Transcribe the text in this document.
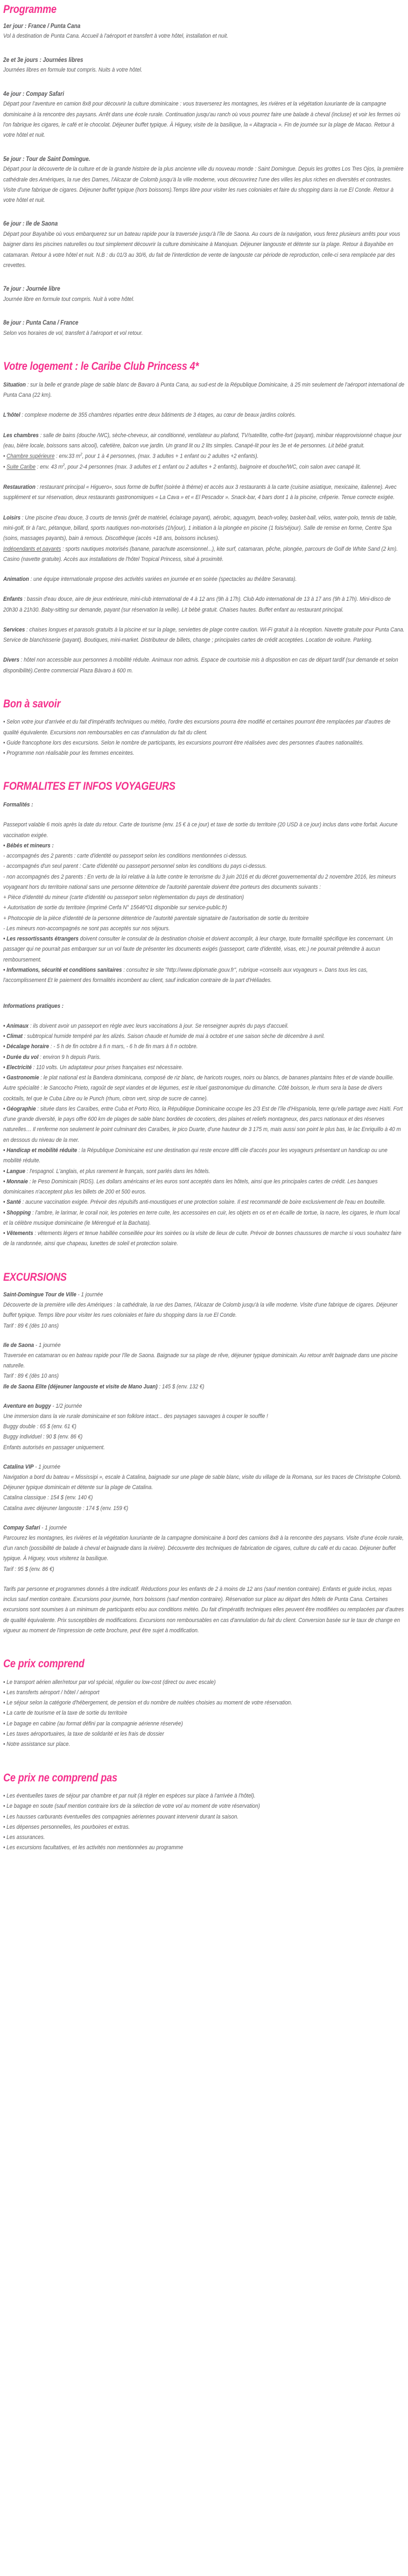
Programme
1er jour : France / Punta Cana

Vol à destination de Punta Cana. Accueil à l'aéroport et transfert à votre hôtel, installation et nuit.

2e et 3e jours : Journées libres

Journées libres en formule tout compris. Nuits à votre hôtel.

4e jour : Compay Safari

Départ pour l'aventure en camion 8x8 pour découvrir la culture dominicaine : vous traverserez les montagnes, les rivières et la végétation luxuriante de la campagne dominicaine à la rencontre des paysans. Arrêt dans une école rurale. Continuation jusqu'au ranch où vous pourrez faire une balade à cheval (incluse) et voir les fermes où l'on fabrique les cigares, le café et le chocolat. Déjeuner buffet typique. À Higuey, visite de la basilique, la « Altagracia ». Fin de journée sur la plage de Macao. Retour à votre hôtel et nuit.

5e jour : Tour de Saint Domingue.

Départ pour la découverte de la culture et de la grande histoire de la plus ancienne ville du nouveau monde : Saint Domingue. Depuis les grottes Los Tres Ojos, la première cathédrale des Amériques, la rue des Dames, l'Alcazar de Colomb jusqu'à la ville moderne, vous découvrirez l'une des villes les plus riches en diversités et contrastes. Visite d'une fabrique de cigares. Déjeuner buffet typique (hors boissons).Temps libre pour visiter les rues coloniales et faire du shopping dans la rue El Conde. Retour à votre hôtel et nuit.

6e jour : Ile de Saona

Départ pour Bayahibe où vous embarquerez sur un bateau rapide pour la traversée jusqu'à l'île de Saona. Au cours de la navigation, vous ferez plusieurs arrêts pour vous baigner dans les piscines naturelles ou tout simplement découvrir la culture dominicaine à Manojuan. Déjeuner langouste et détente sur la plage. Retour à Bayahibe en catamaran. Retour à votre hôtel et nuit. N.B : du 01/3 au 30/6, du fait de l'interdiction de vente de langouste car période de reproduction, celle-ci sera remplacée par des crevettes.

7e jour : Journée libre

Journée libre en formule tout compris. Nuit à votre hôtel.

8e jour : Punta Cana / France

Selon vos horaires de vol, transfert à l'aéroport et vol retour.

Votre logement : le Caribe Club Princess 4*

Situation : sur la belle et grande plage de sable blanc de Bavaro à Punta Cana, au sud-est de la République Dominicaine, à 25 min seulement de l'aéroport international de Punta Cana (22 km).

L'hôtel : complexe moderne de 355 chambres réparties entre deux bâtiments de 3 étages, au cœur de beaux jardins colorés.

Les chambres : salle de bains (douche /WC), sèche-cheveux, air conditionné, ventilateur au plafond, TV/satellite, coffre-fort (payant), minibar réapprovisionné chaque jour (eau, bière locale, boissons sans alcool), cafetière, balcon vue jardin. Un grand lit ou 2 lits simples. Canapé-lit pour les 3e et 4e personnes. Lit bébé gratuit.

• Chambre supérieure : env.33 $m^2$, pour 1 à 4 personnes, (max. 3 adultes + 1 enfant ou 2 adultes +2 enfants).
• Suite Caribe : env. 43 $m^2$, pour 2-4 personnes (max. 3 adultes et 1 enfant ou 2 adultes + 2 enfants), baignoire et douche/WC, coin salon avec canapé lit.

Restauration : restaurant principal « Higuero», sous forme de buffet (soirée à thème) et accès aux 3 restaurants à la carte (cuisine asiatique, mexicaine, italienne). Avec supplément et sur réservation, deux restaurants gastronomiques « La Cava » et « El Pescador ». Snack-bar, 4 bars dont 1 à la piscine, crêperie. Tenue correcte exigée.

Loisirs : Une piscine d'eau douce, 3 courts de tennis (prêt de matériel, éclairage payant), aérobic, aquagym, beach-volley, basket-ball, vélos, water-polo, tennis de table, mini-golf, tir à l'arc, pétanque, billard, sports nautiques non-motorisés (1h/jour), 1 initiation à la plongée en piscine (1 fois/séjour). Salle de remise en forme, Centre Spa (soins, massages payants), bain à remous. Discothèque (accès +18 ans, boissons incluses).

Indépendants et payants : sports nautiques motorisés (banane, parachute ascensionnel...), kite surf, catamaran, pêche, plongée, parcours de Golf de White Sand (2 km). Casino (navette gratuite). Accès aux installations de l'hôtel Tropical Princess, situé à proximité.

Animation : une équipe internationale propose des activités variées en journée et en soirée (spectacles au théâtre Seranata).

Enfants : bassin d'eau douce, aire de jeux extérieure, mini-club international de 4 à 12 ans (9h à 17h). Club Ado international de 13 à 17 ans (9h à 17h). Mini-disco de 20h30 à 21h30. Baby-sitting sur demande, payant (sur réservation la veille). Lit bébé gratuit. Chaises hautes. Buffet enfant au restaurant principal.

Services : chaises longues et parasols gratuits à la piscine et sur la plage, serviettes de plage contre caution. Wi-Fi gratuit à la réception. Navette gratuite pour Punta Cana. Service de blanchisserie (payant). Boutiques, mini-market. Distributeur de billets, change ; principales cartes de crédit acceptées. Location de voiture. Parking.

Divers : hôtel non accessible aux personnes à mobilité réduite. Animaux non admis. Espace de courtoisie mis à disposition en cas de départ tardif (sur demande et selon disponibilité).Centre commercial Plaza Bàvaro à 600 m.

Bon à savoir
• Selon votre jour d'arrivée et du fait d'impératifs techniques ou météo, l'ordre des excursions pourra être modifié et certaines pourront être remplacées par d'autres de qualité équivalente. Excursions non remboursables en cas d'annulation du fait du client.
• Guide francophone lors des excursions. Selon le nombre de participants, les excursions pourront être réalisées avec des personnes d'autres nationalités.
• Programme non réalisable pour les femmes enceintes.
FORMALITES ET INFOS VOYAGEURS

Formalités :

Passeport valable 6 mois après la date du retour. Carte de tourisme (env. 15 € à ce jour) et taxe de sortie du territoire (20 USD à ce jour) inclus dans votre forfait. Aucune vaccination exigée.

• Bébés et mineurs :

- accompagnés des 2 parents : carte d'identité ou passeport selon les conditions mentionnées ci-dessus.
- accompagnés d'un seul parent : Carte d'identité ou passeport personnel selon les conditions du pays ci-dessus.
- non accompagnés des 2 parents : En vertu de la loi relative à la lutte contre le terrorisme du 3 juin 2016 et du décret gouvernemental du 2 novembre 2016, les mineurs voyageant hors du territoire national sans une personne détentrice de l'autorité parentale doivent être porteurs des documents suivants :
+ Pièce d'identité du mineur (carte d'identité ou passeport selon règlementation du pays de destination)
+ Autorisation de sortie du territoire (imprimé Cerfa N° 15646*01 disponible sur service-public.fr)
+ Photocopie de la pièce d'identité de la personne détentrice de l'autorité parentale signataire de l'autorisation de sortie du territoire
- Les mineurs non-accompagnés ne sont pas acceptés sur nos séjours.

• Les ressortissants étrangers doivent consulter le consulat de la destination choisie et doivent accomplir, à leur charge, toute formalité spécifique les concernant. Un passager qui ne pourrait pas embarquer sur un vol faute de présenter les documents exigés (passeport, carte d'identité, visas, etc.) ne pourrait prétendre à aucun remboursement.

• Informations, sécurité et conditions sanitaires : consultez le site "http://www.diplomatie.gouv.fr", rubrique «conseils aux voyageurs ». Dans tous les cas, l'accomplissement Et le paiement des formalités incombent au client, sauf indication contraire de la part d'Héliades.

Informations pratiques :

• Animaux : ils doivent avoir un passeport en règle avec leurs vaccinations à jour. Se renseigner auprès du pays d'accueil.
• Climat : subtropical humide tempéré par les alizés. Saison chaude et humide de mai à octobre et une saison sèche de décembre à avril.
• Décalage horaire : - 5 h de fin octobre à fi n mars, - 6 h de fin mars à fi n octobre.
• Durée du vol : environ 9 h depuis Paris.
• Electricité : 110 volts. Un adaptateur pour prises françaises est nécessaire.
• Gastronomie : le plat national est la Bandera dominicana, composé de riz blanc, de haricots rouges, noirs ou blancs, de bananes plantains frites et de viande bouillie. Autre spécialité : le Sancocho Prieto, ragoût de sept viandes et de légumes, est le rituel gastronomique du dimanche. Côté boisson, le rhum sera la base de divers cocktails, tel que le Cuba Libre ou le Punch (rhum, citron vert, sirop de sucre de canne).
• Géographie : située dans les Caraïbes, entre Cuba et Porto Rico, la République Dominicaine occupe les 2/3 Est de l'île d'Hispaniola, terre qu'elle partage avec Haïti. Fort d'une grande diversité, le pays offre 600 km de plages de sable blanc bordées de cocotiers, des plaines et reliefs montagneux, des parcs nationaux et des réserves naturelles… Il renferme non seulement le point culminant des Caraïbes, le pico Duarte, d'une hauteur de 3 175 m, mais aussi son point le plus bas, le lac Enriquillo à 40 m en dessous du niveau de la mer.
• Handicap et mobilité réduite : la République Dominicaine est une destination qui reste encore diffi cile d'accès pour les voyageurs présentant un handicap ou une mobilité réduite.
• Langue : l'espagnol. L'anglais, et plus rarement le français, sont parlés dans les hôtels.
• Monnaie : le Peso Dominicain (RDS). Les dollars américains et les euros sont acceptés dans les hôtels, ainsi que les principales cartes de crédit. Les banques dominicaines n'acceptent plus les billets de 200 et 500 euros.
• Santé : aucune vaccination exigée. Prévoir des répulsifs anti-moustiques et une protection solaire. Il est recommandé de boire exclusivement de l'eau en bouteille.
• Shopping : l'ambre, le larimar, le corail noir, les poteries en terre cuite, les accessoires en cuir, les objets en os et en écaille de tortue, la nacre, les cigares, le rhum local et la célèbre musique dominicaine (le Mérengué et la Bachata).
• Vêtements : vêtements légers et tenue habillée conseillée pour les soirées ou la visite de lieux de culte. Prévoir de bonnes chaussures de marche si vous souhaitez faire de la randonnée, ainsi que chapeau, lunettes de soleil et protection solaire.
EXCURSIONS

Saint-Domingue Tour de Ville - 1 journée

Découverte de la première ville des Amériques : la cathédrale, la rue des Dames, l'Alcazar de Colomb jusqu'à la ville moderne. Visite d'une fabrique de cigares. Déjeuner buffet typique. Temps libre pour visiter les rues coloniales et faire du shopping dans la rue El Conde.

Tarif : 89 € (dès 10 ans)

Ile de Saona - 1 journée

Traversée en catamaran ou en bateau rapide pour l'île de Saona. Baignade sur sa plage de rêve, déjeuner typique dominicain. Au retour arrêt baignade dans une piscine naturelle.

Tarif : 89 € (dès 10 ans)

Ile de Saona Elite (déjeuner langouste et visite de Mano Juan) : 145 $ (env. 132 €)

Aventure en buggy - 1/2 journée

Une immersion dans la vie rurale dominicaine et son folklore intact... des paysages sauvages à couper le souffle !

Buggy double : 65 $ (env. 61 €)

Buggy individuel : 90 $ (env. 86 €)

Enfants autorisés en passager uniquement.

Catalina VIP - 1 journée

Navigation a bord du bateau « Mississipi », escale à Catalina, baignade sur une plage de sable blanc, visite du village de la Romana, sur les traces de Christophe Colomb. Déjeuner typique dominicain et détente sur la plage de Catalina.

Catalina classique : 154 $ (env. 140 €)

Catalina avec déjeuner langouste : 174 $ (env. 159 €)

Compay Safari - 1 journée

Parcourez les montagnes, les rivières et la végétation luxuriante de la campagne dominicaine à bord des camions 8x8 à la rencontre des paysans. Visite d'une école rurale, d'un ranch (possibilité de balade à cheval et baignade dans la rivière). Découverte des techniques de fabrication de cigares, culture du café et du cacao. Déjeuner buffet typique. À Higuey, vous visiterez la basilique.

Tarif : 95 $ (env. 86 €)

Tarifs par personne et programmes donnés à titre indicatif. Réductions pour les enfants de 2 à moins de 12 ans (sauf mention contraire). Enfants et guide inclus, repas inclus sauf mention contraire. Excursions pour journée, hors boissons (sauf mention contraire). Réservation sur place au départ des hôtels de Punta Cana. Certaines excursions sont soumises à un minimum de participants et/ou aux conditions météo. Du fait d'impératifs techniques elles peuvent être modifiées ou remplacées par d'autres de qualité équivalente. Prix susceptibles de modifications. Excursions non remboursables en cas d'annulation du fait du client. Conversion basée sur le taux de change en vigueur au moment de l'impression de cette brochure, peut être sujet à modification.

Ce prix comprend
• Le transport aérien aller/retour par vol spécial, régulier ou low-cost (direct ou avec escale)
• Les transferts aéroport / hôtel / aéroport
• Le séjour selon la catégorie d'hébergement, de pension et du nombre de nuitées choisies au moment de votre réservation.
• La carte de tourisme et la taxe de sortie du territoire
• Le bagage en cabine (au format défini par la compagnie aérienne réservée)
• Les taxes aéroportuaires, la taxe de solidarité et les frais de dossier
• Notre assistance sur place.
Ce prix ne comprend pas
• Les éventuelles taxes de séjour par chambre et par nuit (à régler en espèces sur place à l'arrivée à l'hôtel).
• Le bagage en soute (sauf mention contraire lors de la sélection de votre vol au moment de votre réservation)
• Les hausses carburants éventuelles des compagnies aériennes pouvant intervenir durant la saison.
• Les dépenses personnelles, les pourboires et extras.
• Les assurances.
• Les excursions facultatives, et les activités non mentionnées au programme
